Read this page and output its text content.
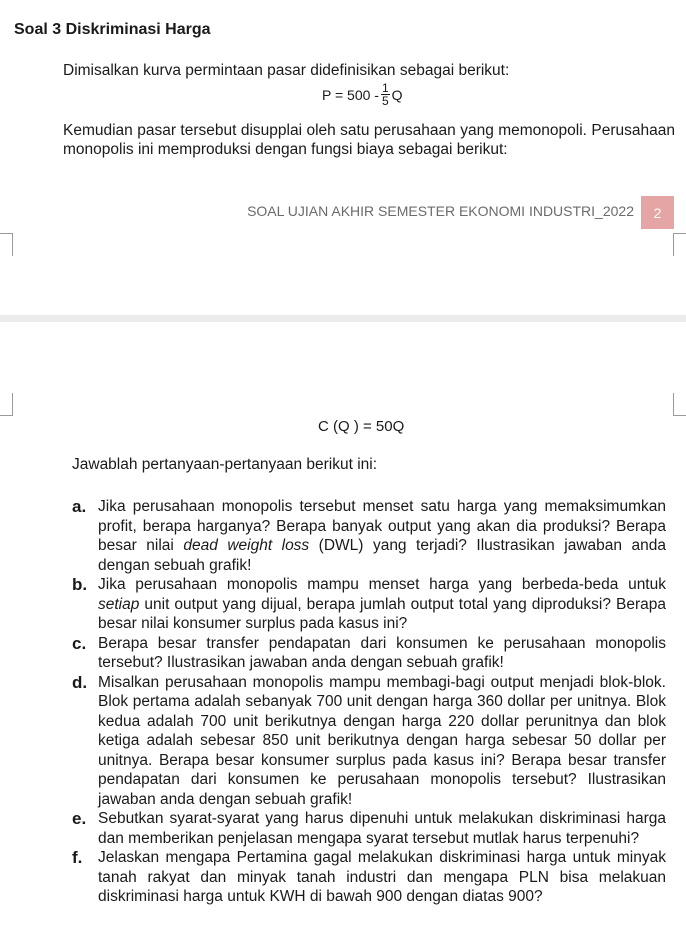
Soal 3 Diskriminasi Harga
Dimisalkan kurva permintaan pasar didefinisikan sebagai berikut:
$P = 500 - \frac{1}{5}$ Q
Kemudian pasar tersebut disupplai oleh satu perusahaan yang memonopoli. Perusahaan monopolis ini memproduksi dengan fungsi biaya sebagai berikut:
SOAL UJIAN AKHIR SEMESTER EKONOMI INDUSTRI_2022	2
C (Q ) = 50Q
Jawablah pertanyaan-pertanyaan berikut ini:
a. Jika perusahaan monopolis tersebut menset satu harga yang memaksimumkan profit, berapa harganya? Berapa banyak output yang akan dia produksi? Berapa besar nilai dead weight loss (DWL) yang terjadi? Ilustrasikan jawaban anda dengan sebuah grafik!
b. Jika perusahaan monopolis mampu menset harga yang berbeda-beda untuk setiap unit output yang dijual, berapa jumlah output total yang diproduksi? Berapa besar nilai konsumer surplus pada kasus ini?
c. Berapa besar transfer pendapatan dari konsumen ke perusahaan monopolis tersebut? Ilustrasikan jawaban anda dengan sebuah grafik!
d. Misalkan perusahaan monopolis mampu membagi-bagi output menjadi blok-blok. Blok pertama adalah sebanyak 700 unit dengan harga 360 dollar per unitnya. Blok kedua adalah 700 unit berikutnya dengan harga 220 dollar perunitnya dan blok ketiga adalah sebesar 850 unit berikutnya dengan harga sebesar 50 dollar per unitnya. Berapa besar konsumer surplus pada kasus ini? Berapa besar transfer pendapatan dari konsumen ke perusahaan monopolis tersebut? Ilustrasikan jawaban anda dengan sebuah grafik!
e. Sebutkan syarat-syarat yang harus dipenuhi untuk melakukan diskriminasi harga dan memberikan penjelasan mengapa syarat tersebut mutlak harus terpenuhi?
f.	Jelaskan mengapa Pertamina gagal melakukan diskriminasi harga untuk minyak tanah rakyat dan minyak tanah industri dan mengapa PLN bisa melakuan diskriminasi harga untuk KWH di bawah 900 dengan diatas 900?
